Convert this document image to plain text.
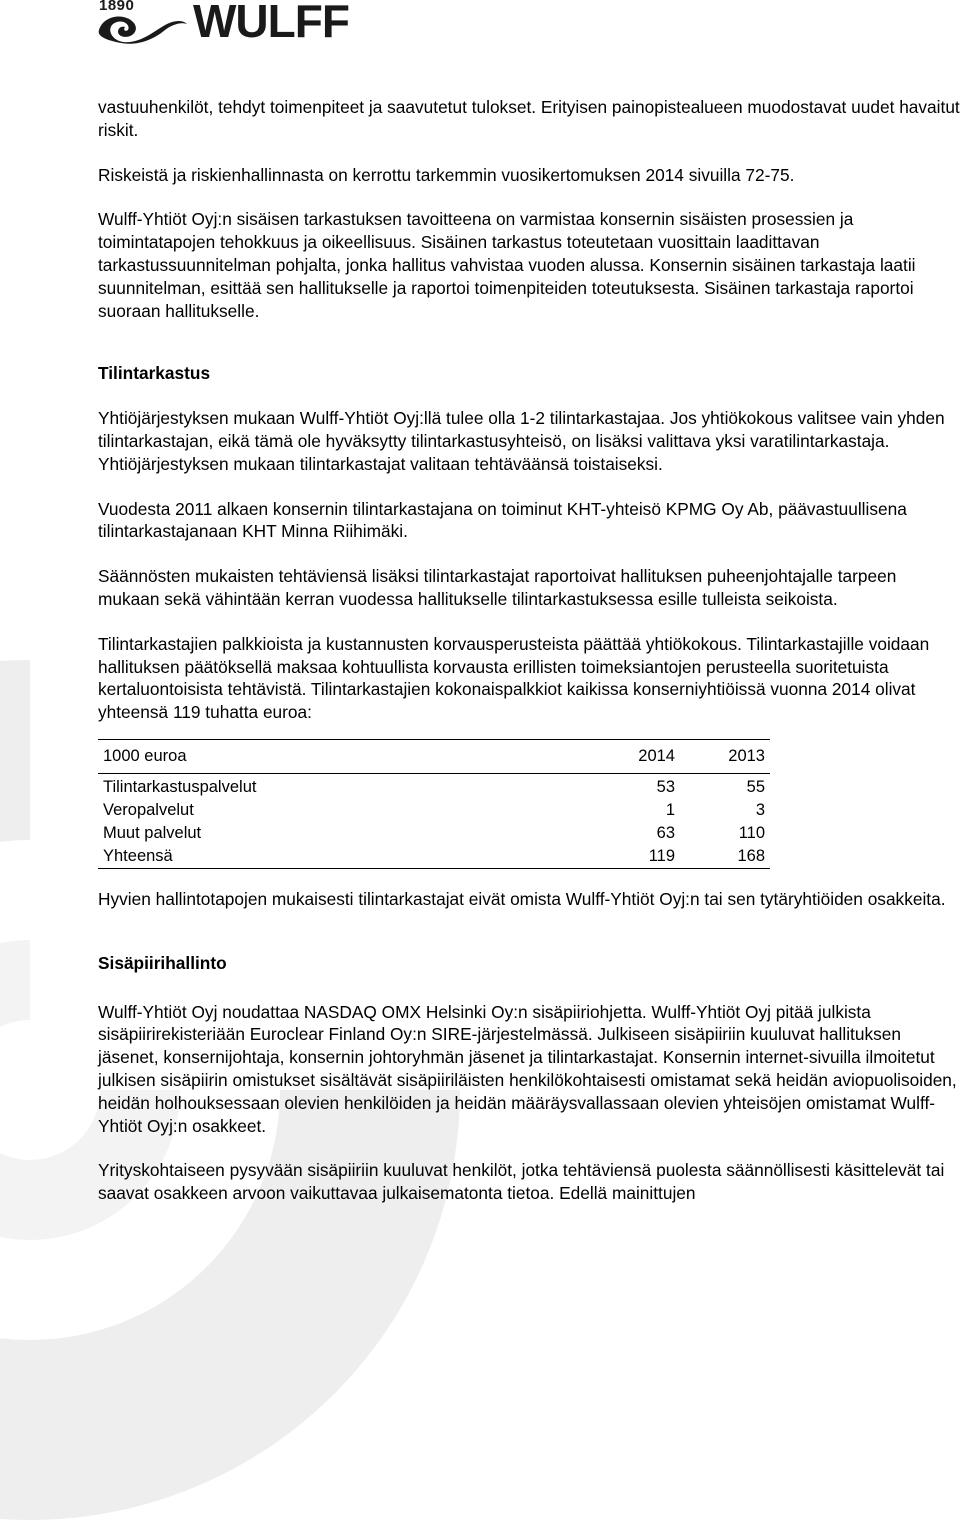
1890 WULFF

vastuuhenkilöt, tehdyt toimenpiteet ja saavutetut tulokset. Erityisen painopistealueen muodostavat uudet havaitut riskit.

Riskeistä ja riskienhallinnasta on kerrottu tarkemmin vuosikertomuksen 2014 sivuilla 72-75.

Wulff-Yhtiöt Oyj:n sisäisen tarkastuksen tavoitteena on varmistaa konsernin sisäisten prosessien ja toimintatapojen tehokkuus ja oikeellisuus. Sisäinen tarkastus toteutetaan vuosittain laadittavan tarkastussuunnitelman pohjalta, jonka hallitus vahvistaa vuoden alussa. Konsernin sisäinen tarkastaja laatii suunnitelman, esittää sen hallitukselle ja raportoi toimenpiteiden toteutuksesta. Sisäinen tarkastaja raportoi suoraan hallitukselle.

Tilintarkastus

Yhtiöjärjestyksen mukaan Wulff-Yhtiöt Oyj:llä tulee olla 1-2 tilintarkastajaa. Jos yhtiökokous valitsee vain yhden tilintarkastajan, eikä tämä ole hyväksytty tilintarkastusyhteisö, on lisäksi valittava yksi varatilintarkastaja. Yhtiöjärjestyksen mukaan tilintarkastajat valitaan tehtäväänsä toistaiseksi.

Vuodesta 2011 alkaen konsernin tilintarkastajana on toiminut KHT-yhteisö KPMG Oy Ab, päävastuullisena tilintarkastajanaan KHT Minna Riihimäki.

Säännösten mukaisten tehtäviensä lisäksi tilintarkastajat raportoivat hallituksen puheenjohtajalle tarpeen mukaan sekä vähintään kerran vuodessa hallitukselle tilintarkastuksessa esille tulleista seikoista.

Tilintarkastajien palkkioista ja kustannusten korvausperusteista päättää yhtiökokous. Tilintarkastajille voidaan hallituksen päätöksellä maksaa kohtuullista korvausta erillisten toimeksiantojen perusteella suoritetuista kertaluontoisista tehtävistä. Tilintarkastajien kokonaispalkkiot kaikissa konserniyhtiöissä vuonna 2014 olivat yhteensä 119 tuhatta euroa:

1000 euroa	2014	2013
Tilintarkastuspalvelut	53	55
Veropalvelut	1	3
Muut palvelut	63	110
Yhteensä	119	168

Hyvien hallintotapojen mukaisesti tilintarkastajat eivät omista Wulff-Yhtiöt Oyj:n tai sen tytäryhtiöiden osakkeita.

Sisäpiirihallinto

Wulff-Yhtiöt Oyj noudattaa NASDAQ OMX Helsinki Oy:n sisäpiiriohjetta. Wulff-Yhtiöt Oyj pitää julkista sisäpiirirekisteriään Euroclear Finland Oy:n SIRE-järjestelmässä. Julkiseen sisäpiiriin kuuluvat hallituksen jäsenet, konsernijohtaja, konsernin johtoryhmän jäsenet ja tilintarkastajat. Konsernin internet-sivuilla ilmoitetut julkisen sisäpiirin omistukset sisältävät sisäpiiriläisten henkilökohtaisesti omistamat sekä heidän aviopuolisoiden, heidän holhouksessaan olevien henkilöiden ja heidän määräysvallassaan olevien yhteisöjen omistamat Wulff-Yhtiöt Oyj:n osakkeet.

Yrityskohtaiseen pysyvään sisäpiiriin kuuluvat henkilöt, jotka tehtäviensä puolesta säännöllisesti käsittelevät tai saavat osakkeen arvoon vaikuttavaa julkaisematonta tietoa. Edellä mainittujen
